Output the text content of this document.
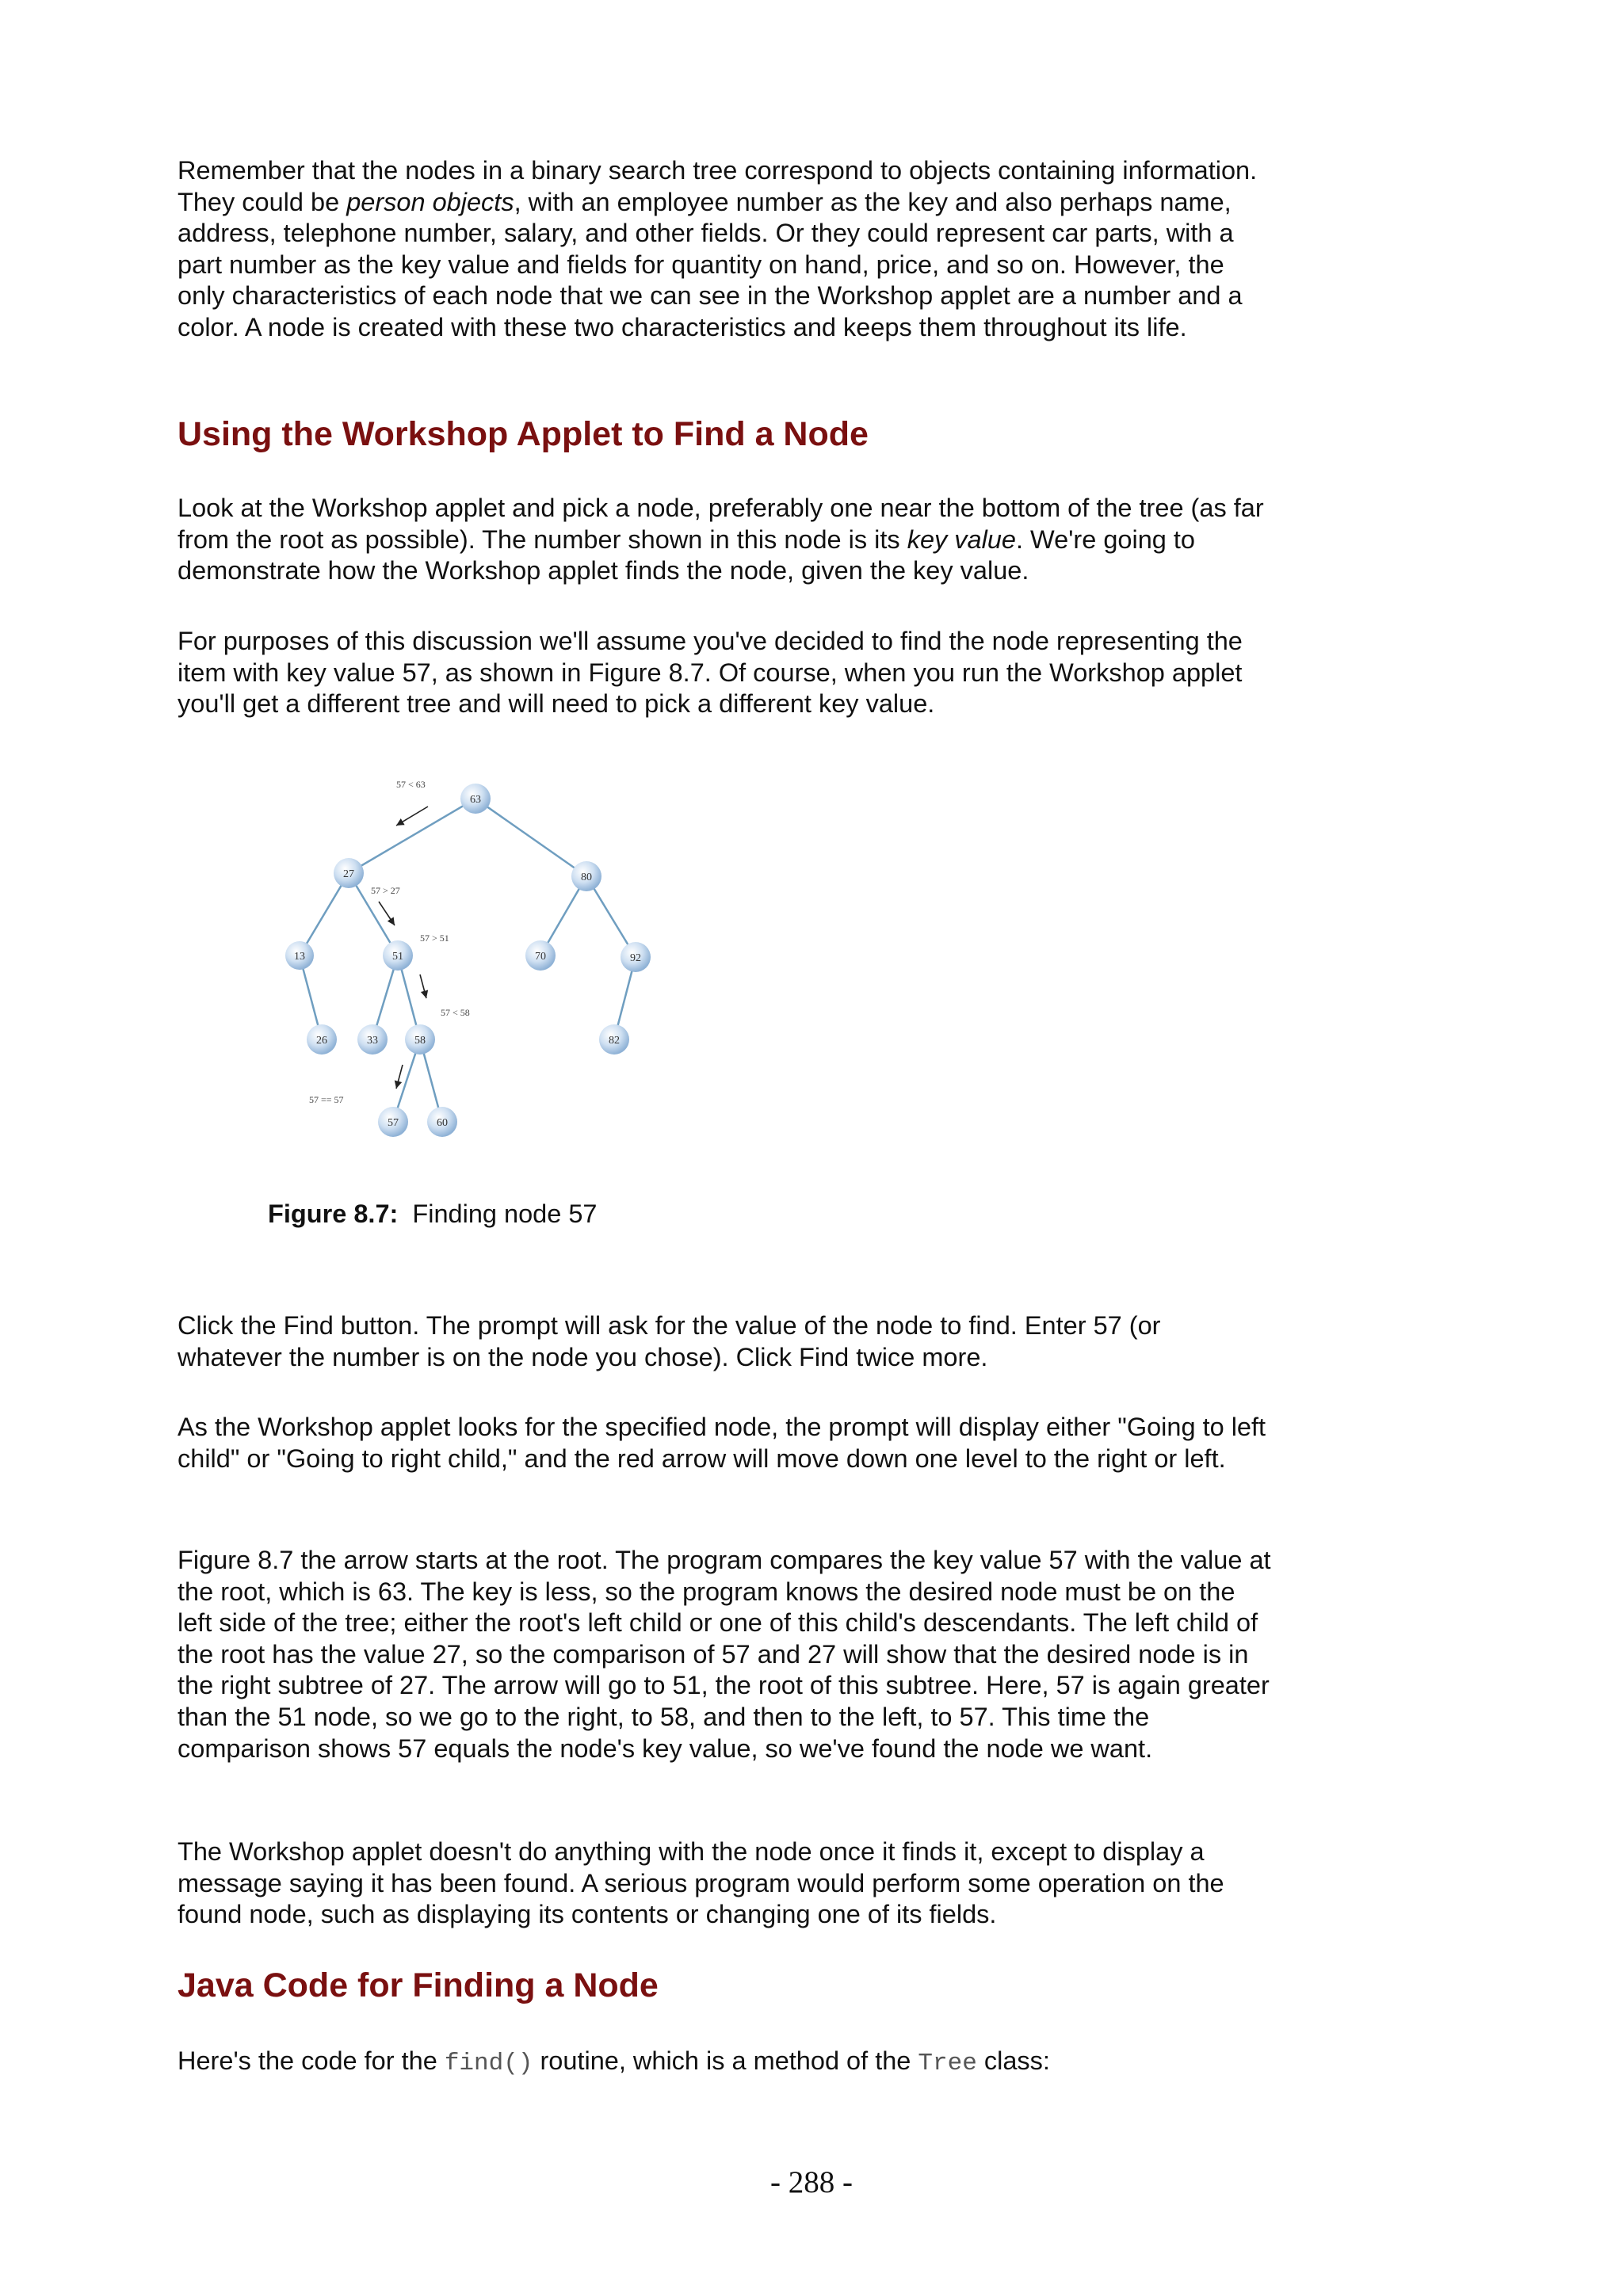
Remember that the nodes in a binary search tree correspond to objects containing information. They could be person objects, with an employee number as the key and also perhaps name, address, telephone number, salary, and other fields. Or they could represent car parts, with a part number as the key value and fields for quantity on hand, price, and so on. However, the only characteristics of each node that we can see in the Workshop applet are a number and a color. A node is created with these two characteristics and keeps them throughout its life.

Using the Workshop Applet to Find a Node

Look at the Workshop applet and pick a node, preferably one near the bottom of the tree (as far from the root as possible). The number shown in this node is its key value. We're going to demonstrate how the Workshop applet finds the node, given the key value.

For purposes of this discussion we'll assume you've decided to find the node representing the item with key value 57, as shown in Figure 8.7. Of course, when you run the Workshop applet you'll get a different tree and will need to pick a different key value.

57 < 63
57 > 27
57 > 51
57 < 58
57 == 57
63
27	80
13	51	70	92
26	33	58	82
57	60

Figure 8.7: Finding node 57

Click the Find button. The prompt will ask for the value of the node to find. Enter 57 (or whatever the number is on the node you chose). Click Find twice more.

As the Workshop applet looks for the specified node, the prompt will display either "Going to left child" or "Going to right child," and the red arrow will move down one level to the right or left.

Figure 8.7 the arrow starts at the root. The program compares the key value 57 with the value at the root, which is 63. The key is less, so the program knows the desired node must be on the left side of the tree; either the root's left child or one of this child's descendants. The left child of the root has the value 27, so the comparison of 57 and 27 will show that the desired node is in the right subtree of 27. The arrow will go to 51, the root of this subtree. Here, 57 is again greater than the 51 node, so we go to the right, to 58, and then to the left, to 57. This time the comparison shows 57 equals the node's key value, so we've found the node we want.

The Workshop applet doesn't do anything with the node once it finds it, except to display a message saying it has been found. A serious program would perform some operation on the found node, such as displaying its contents or changing one of its fields.

Java Code for Finding a Node

Here's the code for the find() routine, which is a method of the Tree class:

- 288 -
